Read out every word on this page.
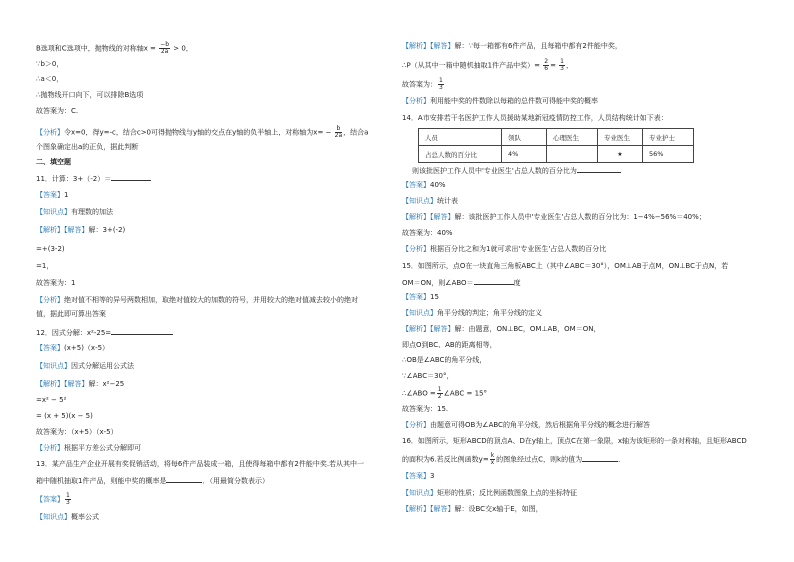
B选项和C选项中，抛物线的对称轴$x = \frac{-b}{2a} > 0$，
∵b＞0，
∴a＜0，
∴抛物线开口向下，可以排除B选项
故答案为：C.
【分析】令x=0，得y=-c，结合c>0可得抛物线与y轴的交点在y轴的负半轴上，对称轴为$x= - \frac{b}{2a}$ ，结合a
个图象确定出a的正负，据此判断
二、填空题
11．计算：3+（-2）＝
【答案】1
【知识点】有理数的加法
【解析】【解答】解：3+(-2)
=+(3-2)
=1，
故答案为：1
【分析】绝对值不相等的异号两数相加，取绝对值较大的加数的符号，并用较大的绝对值减去较小的绝对
值，据此即可算出答案
12．因式分解：x²-25=
【答案】(x+5)（x-5）
【知识点】因式分解运用公式法
【解析】【解答】解：x²−25
=x² − 5²
= (x + 5)(x − 5)
故答案为：（x+5）（x-5）
【分析】根据平方差公式分解即可
13．某产品生产企业开展有奖促销活动，将每6件产品装成一箱，且使得每箱中都有2件能中奖.若从其中一
箱中随机抽取1件产品，则能中奖的概率是	．（用最简分数表示）
【答案】 $\frac{1}{3}$
【知识点】概率公式
【解析】【解答】解：∵每一箱都有6件产品，且每箱中都有2件能中奖，
∴P（从其中一箱中随机抽取1件产品中奖）= $\frac{2}{6} = \frac{1}{3}$ ，
故答案为： $\frac{1}{3}$
【分析】利用能中奖的件数除以每箱的总件数可得能中奖的概率
14．A市安排若干名医护工作人员援助某地新冠疫情防控工作，人员结构统计如下表：
人员	领队	心理医生	专业医生	专业护士
占总人数的百分比	4%		★	56%
则该批医护工作人员中'专业医生'占总人数的百分比为
【答案】40%
【知识点】统计表
【解析】【解答】解：该批医护工作人员中'专业医生'占总人数的百分比为：1−4%−56%＝40%；
故答案为：40%
【分析】根据百分比之和为1就可求出'专业医生'占总人数的百分比
15．如图所示，点O在一块直角三角板ABC上（其中∠ABC＝30°），OM⊥AB于点M，ON⊥BC于点N，若
OM＝ON，则∠ABO＝	度
【答案】15
【知识点】角平分线的判定；角平分线的定义
【解析】【解答】解：由题意，ON⊥BC，OM⊥AB，OM＝ON，
即点O到BC、AB的距离相等，
∴OB是∠ABC的角平分线，
∵∠ABC＝30°，
∴∠ABO = $\frac{1}{2}$ ∠ABC = 15°
故答案为：15.
【分析】由题意可得OB为∠ABC的角平分线，然后根据角平分线的概念进行解答
16．如图所示，矩形ABCD的顶点A、D在y轴上，顶点C在第一象限，x轴为该矩形的一条对称轴，且矩形ABCD
的面积为6.若反比例函数$y= \frac{k}{x}$ 的图象经过点C，则k的值为	．
【答案】3
【知识点】矩形的性质；反比例函数图象上点的坐标特征
【解析】【解答】解：设BC交x轴于E，如图，
